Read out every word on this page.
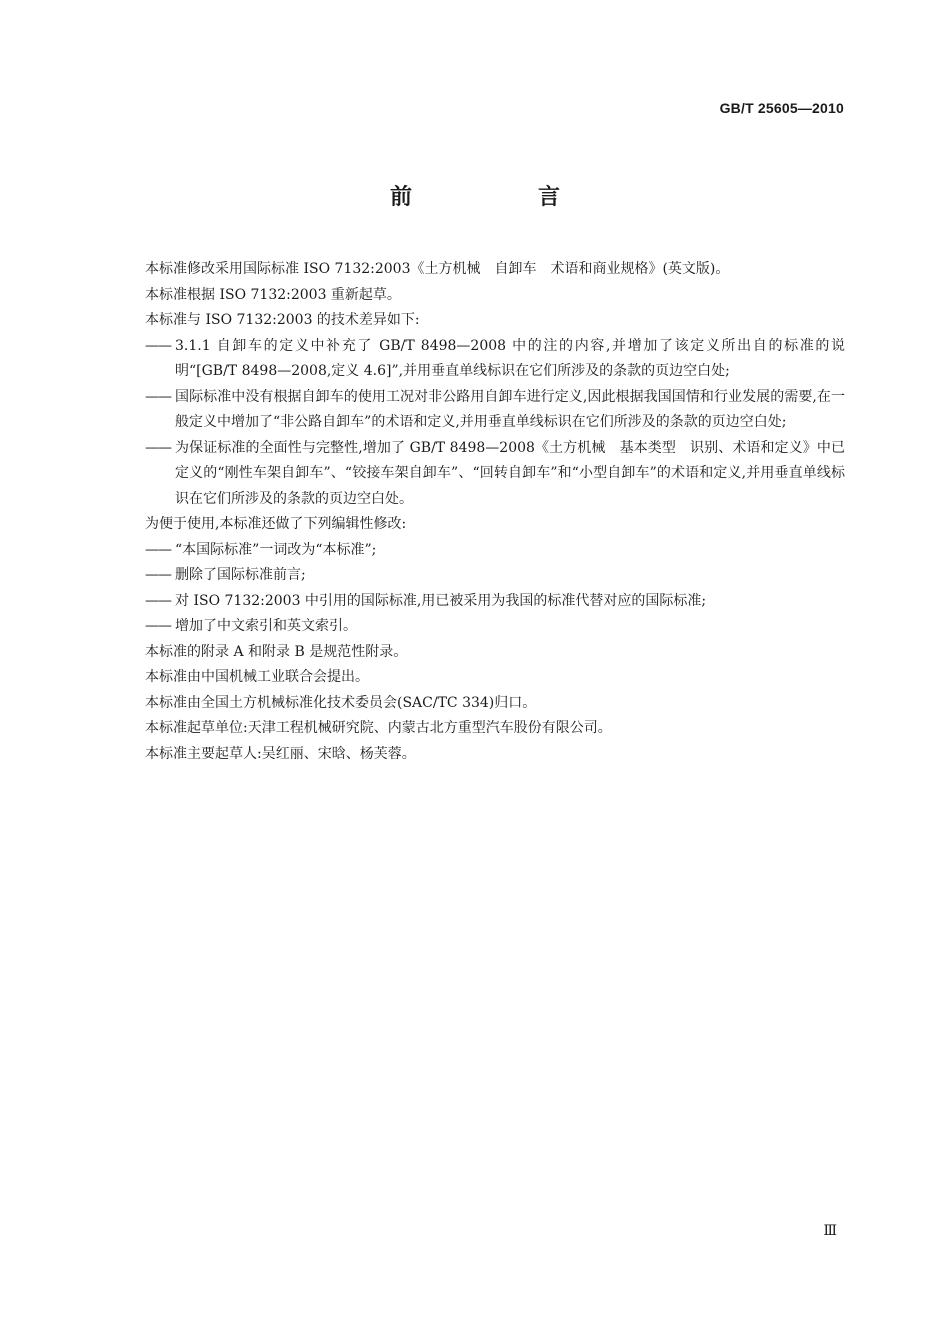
GB/T 25605—2010
前　言

本标准修改采用国际标准 ISO 7132:2003《土方机械　自卸车　术语和商业规格》(英文版)。

本标准根据 ISO 7132:2003 重新起草。

本标准与 ISO 7132:2003 的技术差异如下:

—— 3.1.1 自卸车的定义中补充了 GB/T 8498—2008 中的注的内容,并增加了该定义所出自的标准的说明“[GB/T 8498—2008,定义 4.6]”,并用垂直单线标识在它们所涉及的条款的页边空白处;
—— 国际标准中没有根据自卸车的使用工况对非公路用自卸车进行定义,因此根据我国国情和行业发展的需要,在一般定义中增加了“非公路自卸车”的术语和定义,并用垂直单线标识在它们所涉及的条款的页边空白处;
—— 为保证标准的全面性与完整性,增加了 GB/T 8498—2008《土方机械　基本类型　识别、术语和定义》中已定义的“刚性车架自卸车”、“铰接车架自卸车”、“回转自卸车”和“小型自卸车”的术语和定义,并用垂直单线标识在它们所涉及的条款的页边空白处。

为便于使用,本标准还做了下列编辑性修改:

—— “本国际标准”一词改为“本标准”;
—— 删除了国际标准前言;
—— 对 ISO 7132:2003 中引用的国际标准,用已被采用为我国的标准代替对应的国际标准;
—— 增加了中文索引和英文索引。

本标准的附录 A 和附录 B 是规范性附录。

本标准由中国机械工业联合会提出。

本标准由全国土方机械标准化技术委员会(SAC/TC 334)归口。

本标准起草单位:天津工程机械研究院、内蒙古北方重型汽车股份有限公司。

本标准主要起草人:吴红丽、宋晗、杨芙蓉。

Ⅲ
